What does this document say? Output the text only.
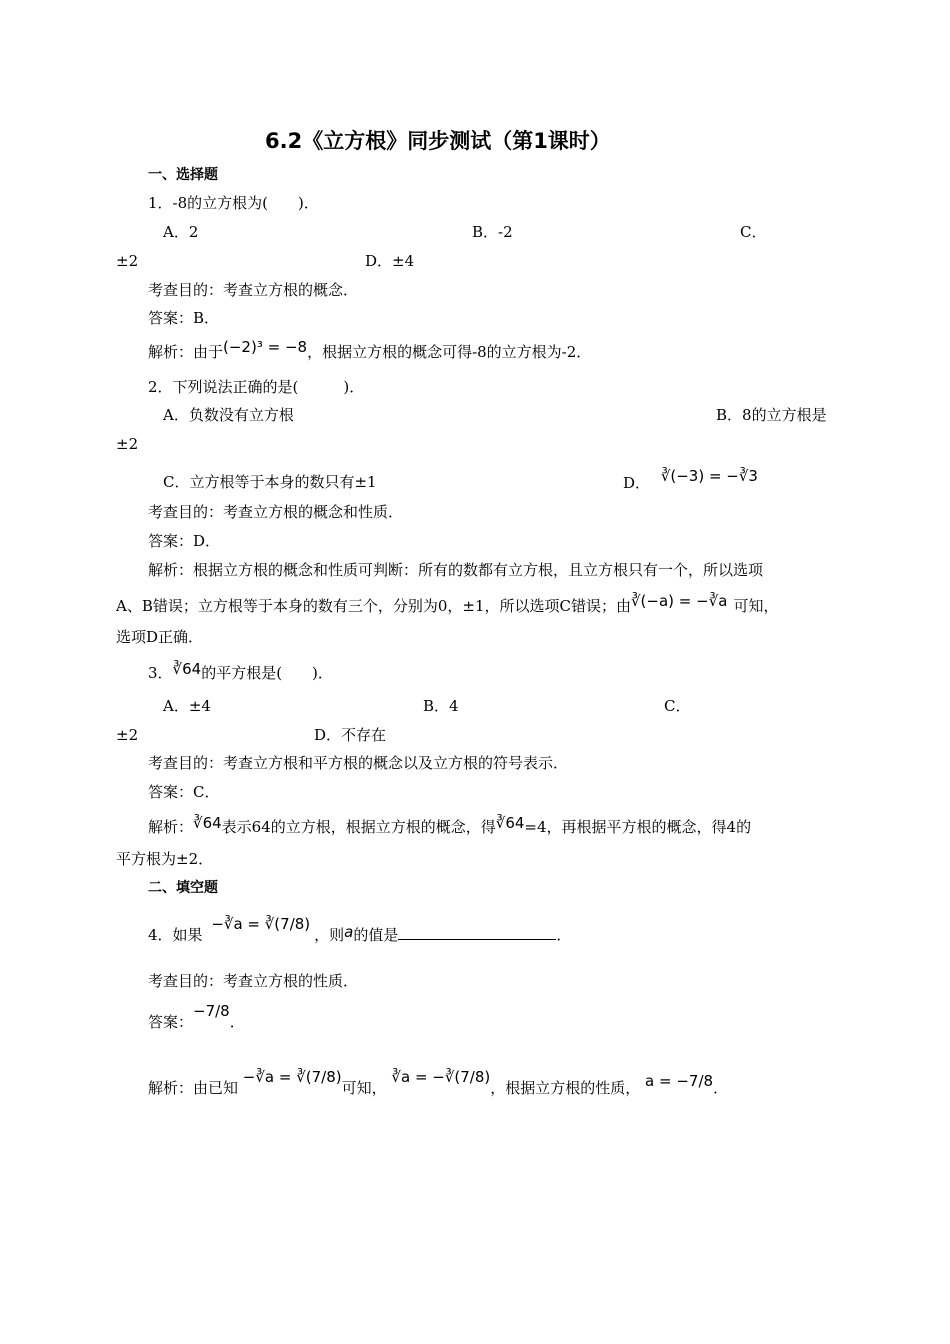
6.2《立方根》同步测试（第1课时）
一、选择题
1．-8的立方根为(　　)．
A．2	B．-2	C．
±2	D．±4
考查目的：考查立方根的概念．
答案：B．
解析：由于(−2)³ = −8，根据立方根的概念可得-8的立方根为-2．
2．下列说法正确的是(　　　)．
A．负数没有立方根	B．8的立方根是
±2
C．立方根等于本身的数只有±1	D． ∛(−3) = −∛3
考查目的：考查立方根的概念和性质．
答案：D．
解析：根据立方根的概念和性质可判断：所有的数都有立方根，且立方根只有一个，所以选项
A、B错误；立方根等于本身的数有三个，分别为0，±1，所以选项C错误；由∛(−a) = −∛a 可知，
选项D正确．
3．∛64的平方根是(　　)．
A．±4	B．4	C．
±2	D．不存在
考查目的：考查立方根和平方根的概念以及立方根的符号表示．
答案：C．
解析：∛64表示64的立方根，根据立方根的概念，得∛64=4，再根据平方根的概念，得4的
平方根为±2．
二、填空题
4．如果 −∛a = ∛(7/8)，则a的值是	．
考查目的：考查立方根的性质．
答案：−7/8．
解析：由已知 −∛a = ∛(7/8)可知， ∛a = −∛(7/8)，根据立方根的性质， a = −7/8．
